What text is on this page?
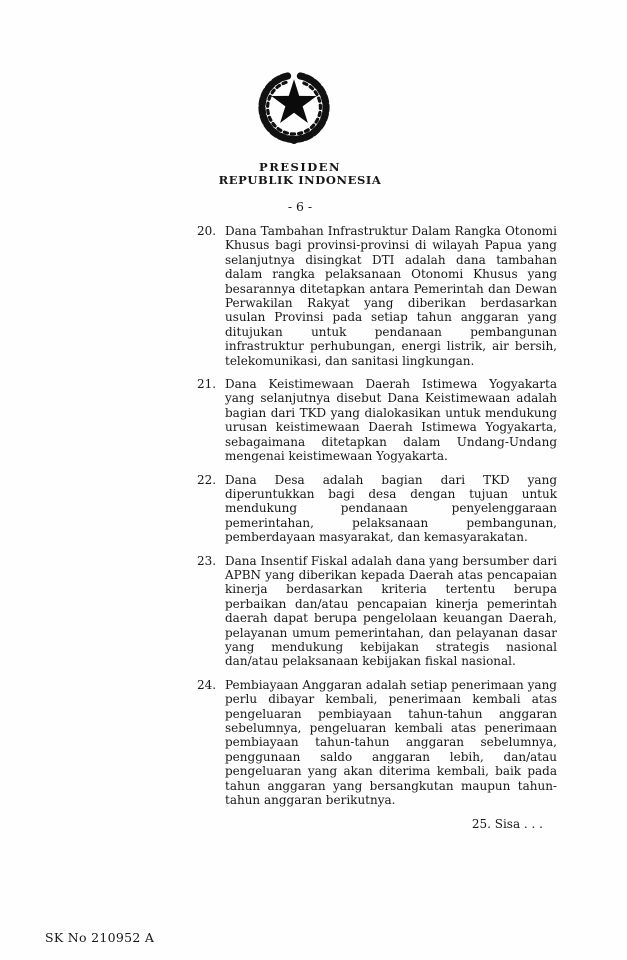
PRESIDEN
REPUBLIK INDONESIA
- 6 -
20. Dana Tambahan Infrastruktur Dalam Rangka Otonomi Khusus bagi provinsi-provinsi di wilayah Papua yang selanjutnya disingkat DTI adalah dana tambahan dalam rangka pelaksanaan Otonomi Khusus yang besarannya ditetapkan antara Pemerintah dan Dewan Perwakilan Rakyat yang diberikan berdasarkan usulan Provinsi pada setiap tahun anggaran yang ditujukan untuk pendanaan pembangunan infrastruktur perhubungan, energi listrik, air bersih, telekomunikasi, dan sanitasi lingkungan.
21. Dana Keistimewaan Daerah Istimewa Yogyakarta yang selanjutnya disebut Dana Keistimewaan adalah bagian dari TKD yang dialokasikan untuk mendukung urusan keistimewaan Daerah Istimewa Yogyakarta, sebagaimana ditetapkan dalam Undang-Undang mengenai keistimewaan Yogyakarta.
22. Dana Desa adalah bagian dari TKD yang diperuntukkan bagi desa dengan tujuan untuk mendukung pendanaan penyelenggaraan pemerintahan, pelaksanaan pembangunan, pemberdayaan masyarakat, dan kemasyarakatan.
23. Dana Insentif Fiskal adalah dana yang bersumber dari APBN yang diberikan kepada Daerah atas pencapaian kinerja berdasarkan kriteria tertentu berupa perbaikan dan/atau pencapaian kinerja pemerintah daerah dapat berupa pengelolaan keuangan Daerah, pelayanan umum pemerintahan, dan pelayanan dasar yang mendukung kebijakan strategis nasional dan/atau pelaksanaan kebijakan fiskal nasional.
24. Pembiayaan Anggaran adalah setiap penerimaan yang perlu dibayar kembali, penerimaan kembali atas pengeluaran pembiayaan tahun-tahun anggaran sebelumnya, pengeluaran kembali atas penerimaan pembiayaan tahun-tahun anggaran sebelumnya, penggunaan saldo anggaran lebih, dan/atau pengeluaran yang akan diterima kembali, baik pada tahun anggaran yang bersangkutan maupun tahun-tahun anggaran berikutnya.
25. Sisa . . .
SK No 210952 A
